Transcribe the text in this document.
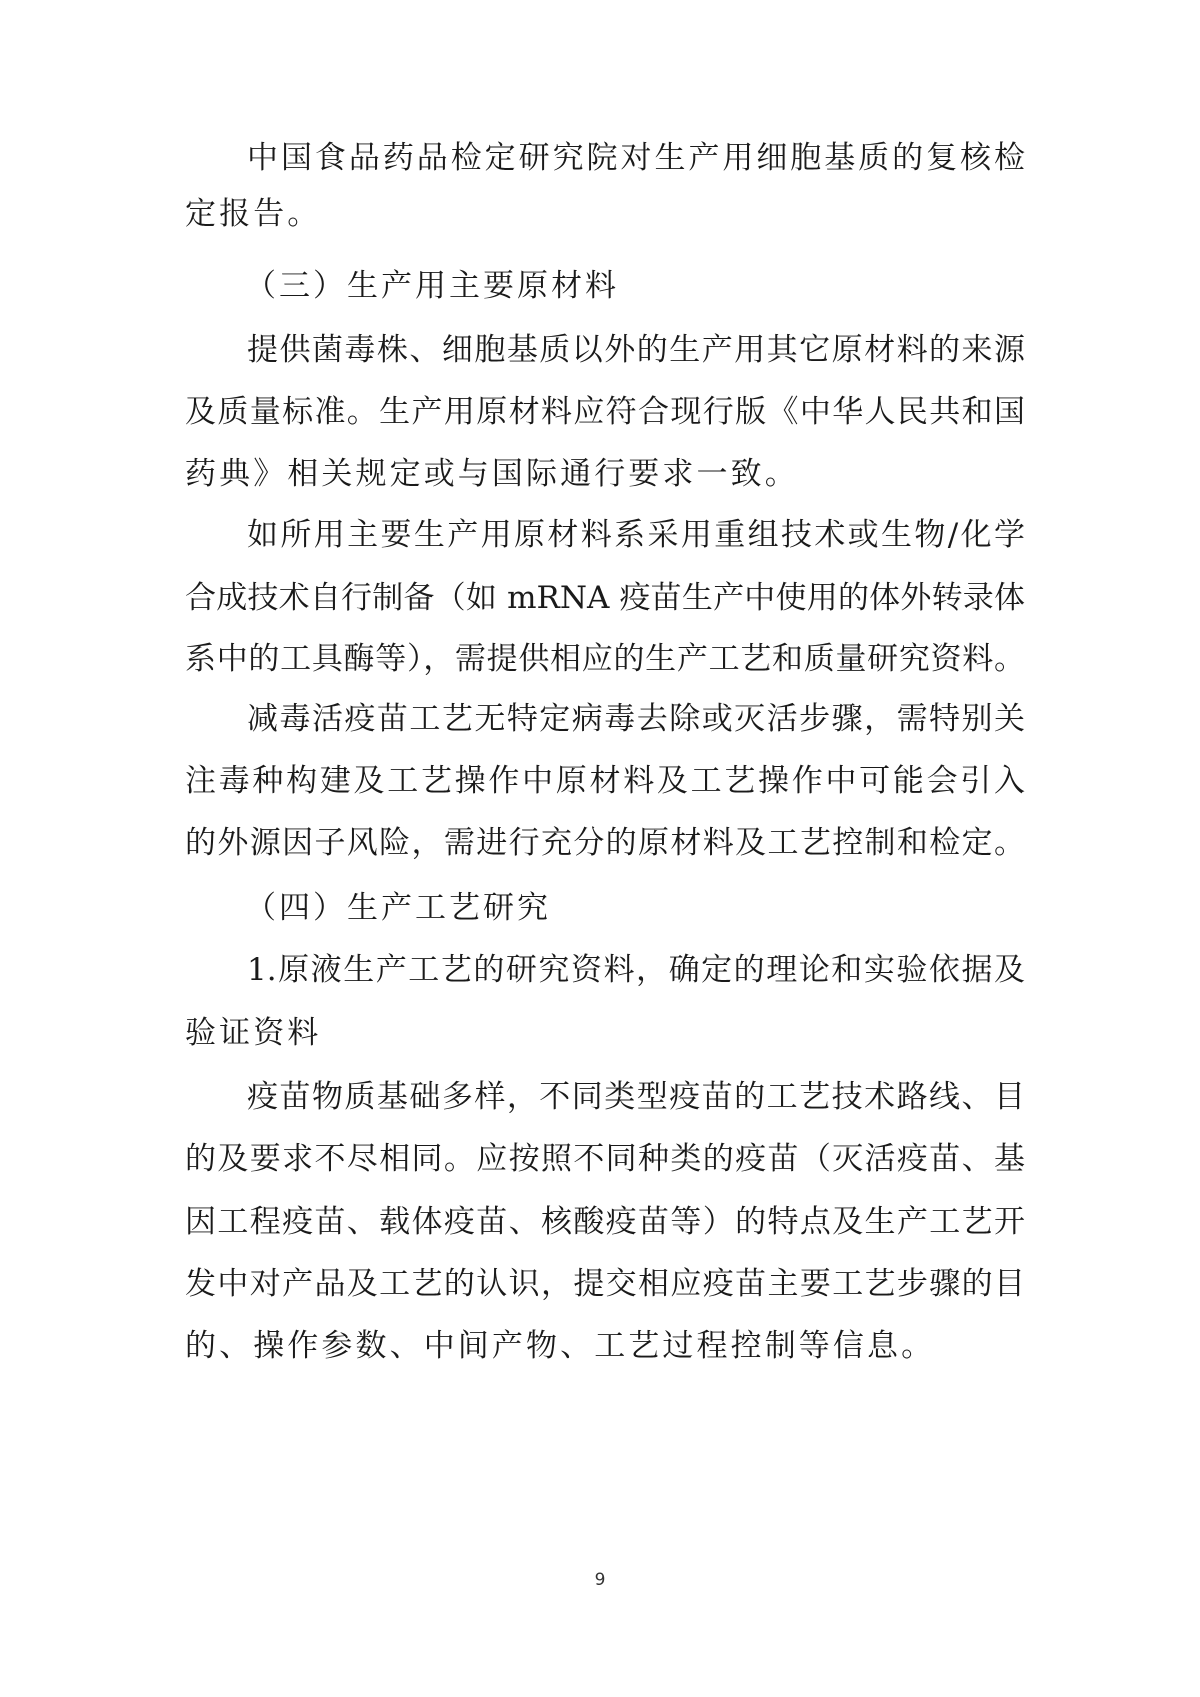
中国食品药品检定研究院对生产用细胞基质的复核检
定报告。
（三）生产用主要原材料
提供菌毒株、细胞基质以外的生产用其它原材料的来源
及质量标准。生产用原材料应符合现行版《中华人民共和国
药典》相关规定或与国际通行要求一致。
如所用主要生产用原材料系采用重组技术或生物/化学
合成技术自行制备（如 mRNA 疫苗生产中使用的体外转录体
系中的工具酶等），需提供相应的生产工艺和质量研究资料。
减毒活疫苗工艺无特定病毒去除或灭活步骤，需特别关
注毒种构建及工艺操作中原材料及工艺操作中可能会引入
的外源因子风险，需进行充分的原材料及工艺控制和检定。
（四）生产工艺研究
1.原液生产工艺的研究资料，确定的理论和实验依据及
验证资料
疫苗物质基础多样，不同类型疫苗的工艺技术路线、目
的及要求不尽相同。应按照不同种类的疫苗（灭活疫苗、基
因工程疫苗、载体疫苗、核酸疫苗等）的特点及生产工艺开
发中对产品及工艺的认识，提交相应疫苗主要工艺步骤的目
的、操作参数、中间产物、工艺过程控制等信息。
9
